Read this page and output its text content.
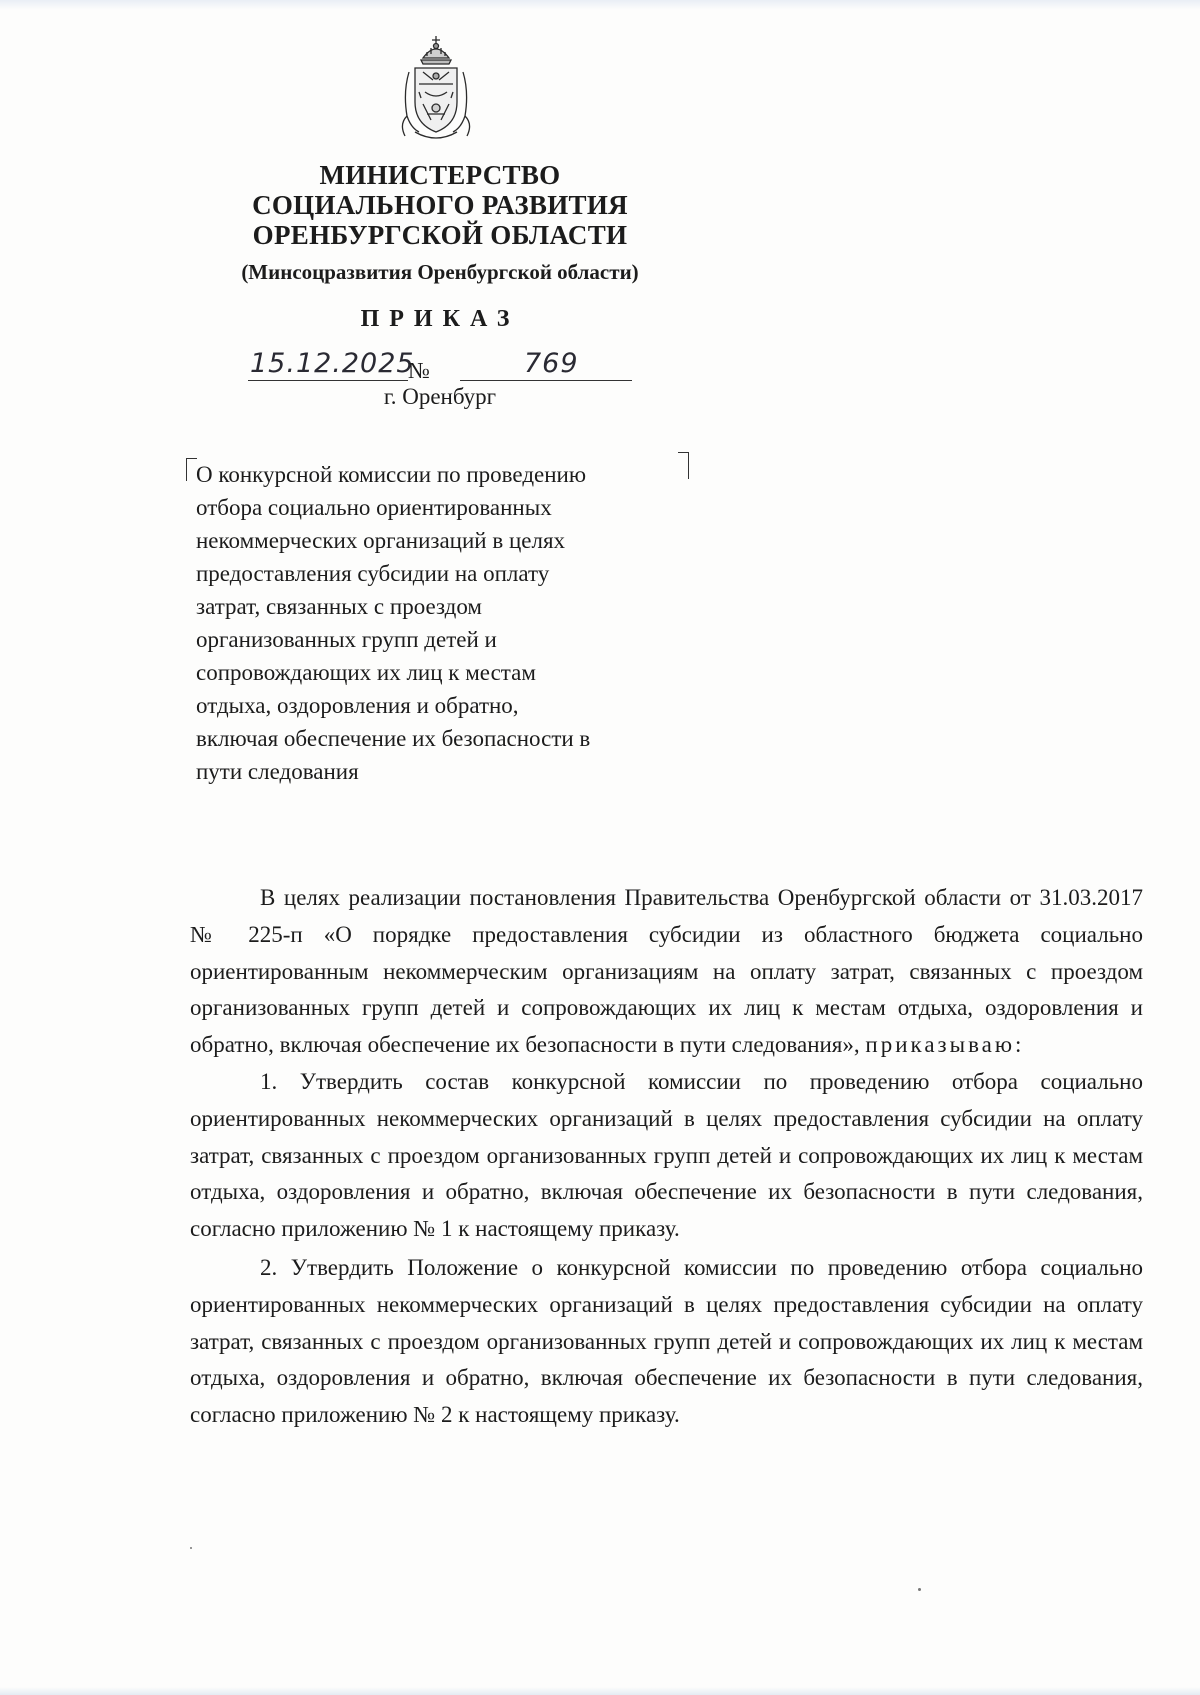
МИНИСТЕРСТВО
СОЦИАЛЬНОГО РАЗВИТИЯ
ОРЕНБУРГСКОЙ ОБЛАСТИ
(Минсоцразвития Оренбургской области)
ПРИКАЗ
15.12.2025
№	769
г. Оренбург
О конкурсной комиссии по проведению
отбора социально ориентированных
некоммерческих организаций в целях
предоставления субсидии на оплату
затрат, связанных с проездом
организованных групп детей и
сопровождающих их лиц к местам
отдыха, оздоровления и обратно,
включая обеспечение их безопасности в
пути следования

В целях реализации постановления Правительства Оренбургской области от 31.03.2017 № 225-п «О порядке предоставления субсидии из областного бюджета социально ориентированным некоммерческим организациям на оплату затрат, связанных с проездом организованных групп детей и сопровождающих их лиц к местам отдыха, оздоровления и обратно, включая обеспечение их безопасности в пути следования», приказываю:

1. Утвердить состав конкурсной комиссии по проведению отбора социально ориентированных некоммерческих организаций в целях предоставления субсидии на оплату затрат, связанных с проездом организованных групп детей и сопровождающих их лиц к местам отдыха, оздоровления и обратно, включая обеспечение их безопасности в пути следования, согласно приложению № 1 к настоящему приказу.

2. Утвердить Положение о конкурсной комиссии по проведению отбора социально ориентированных некоммерческих организаций в целях предоставления субсидии на оплату затрат, связанных с проездом организованных групп детей и сопровождающих их лиц к местам отдыха, оздоровления и обратно, включая обеспечение их безопасности в пути следования, согласно приложению № 2 к настоящему приказу.
